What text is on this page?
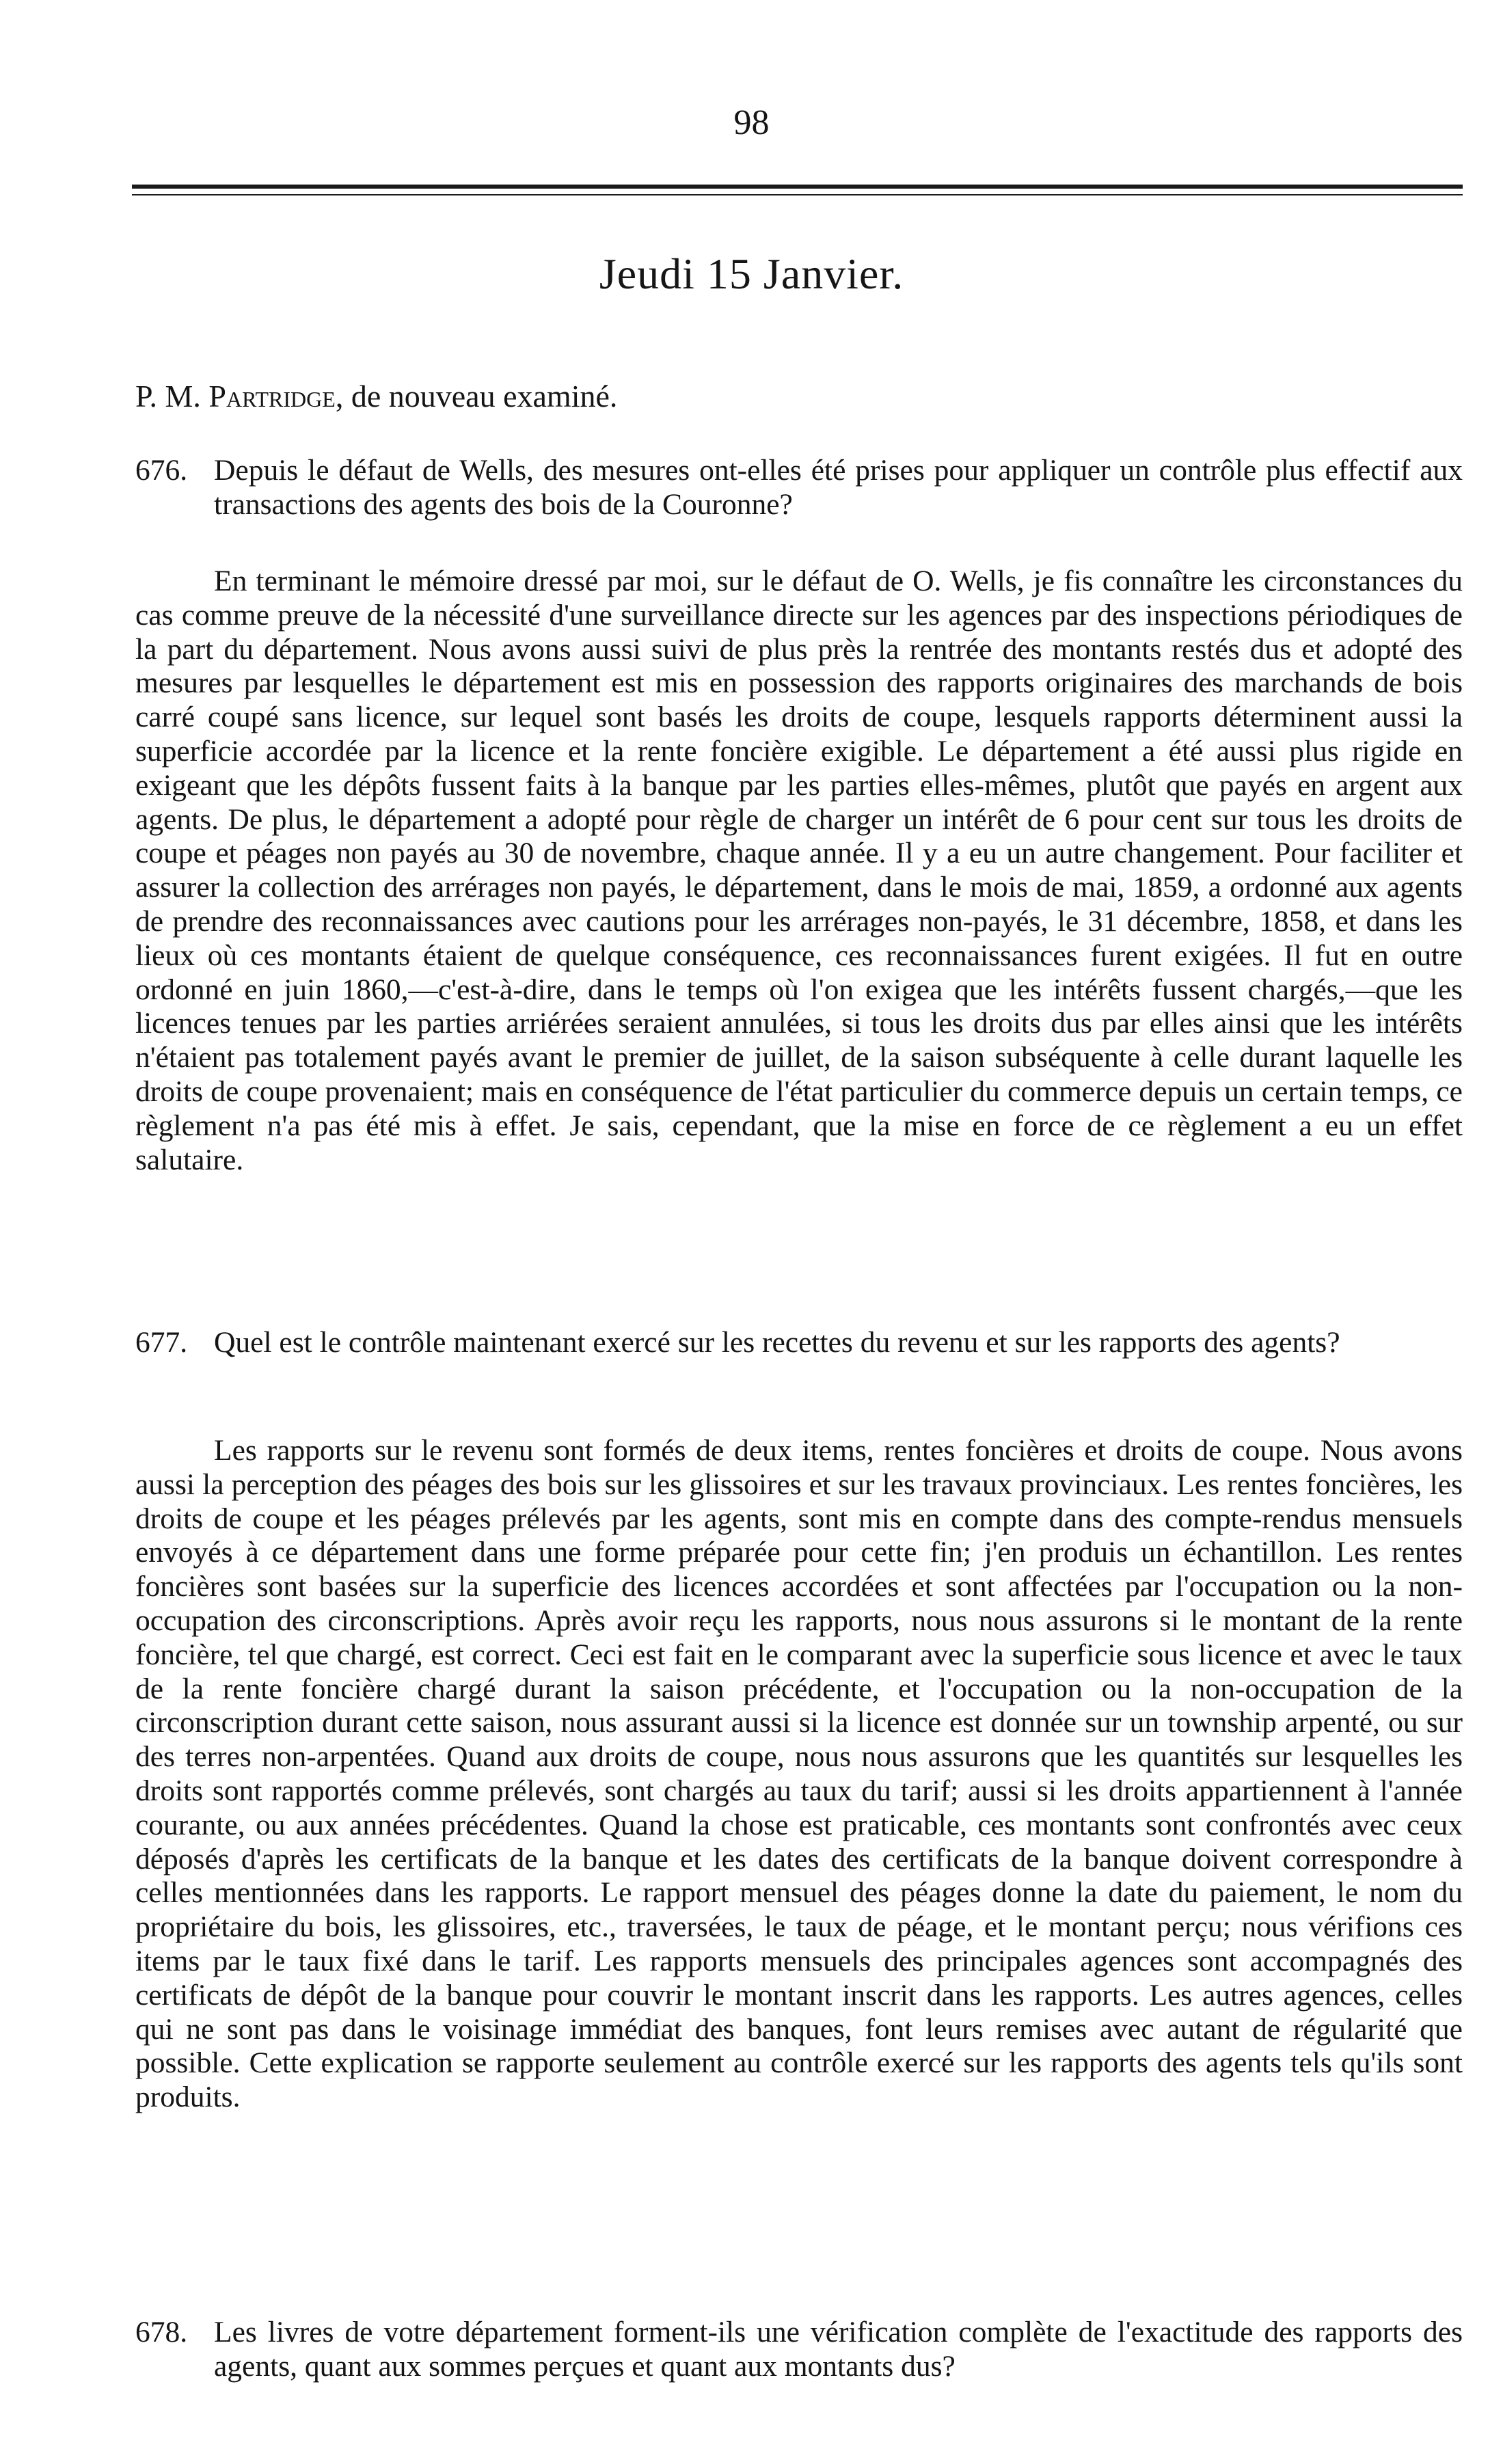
98
Jeudi 15 Janvier.
P. M. Partridge, de nouveau examiné.
676. Depuis le défaut de Wells, des mesures ont-elles été prises pour appliquer un contrôle plus effectif aux transactions des agents des bois de la Couronne?
En terminant le mémoire dressé par moi, sur le défaut de O. Wells, je fis connaître les circonstances du cas comme preuve de la nécessité d'une surveillance directe sur les agences par des inspections périodiques de la part du département. Nous avons aussi suivi de plus près la rentrée des montants restés dus et adopté des mesures par lesquelles le département est mis en possession des rapports originaires des marchands de bois carré coupé sans licence, sur lequel sont basés les droits de coupe, lesquels rapports déterminent aussi la superficie accordée par la licence et la rente foncière exigible. Le département a été aussi plus rigide en exigeant que les dépôts fussent faits à la banque par les parties elles-mêmes, plutôt que payés en argent aux agents. De plus, le département a adopté pour règle de charger un intérêt de 6 pour cent sur tous les droits de coupe et péages non payés au 30 de novembre, chaque année. Il y a eu un autre changement. Pour faciliter et assurer la collection des arrérages non payés, le département, dans le mois de mai, 1859, a ordonné aux agents de prendre des reconnaissances avec cautions pour les arrérages non-payés, le 31 décembre, 1858, et dans les lieux où ces montants étaient de quelque conséquence, ces reconnaissances furent exigées. Il fut en outre ordonné en juin 1860,—c'est-à-dire, dans le temps où l'on exigea que les intérêts fussent chargés,—que les licences tenues par les parties arriérées seraient annulées, si tous les droits dus par elles ainsi que les intérêts n'étaient pas totalement payés avant le premier de juillet, de la saison subséquente à celle durant laquelle les droits de coupe provenaient; mais en conséquence de l'état particulier du commerce depuis un certain temps, ce règlement n'a pas été mis à effet. Je sais, cependant, que la mise en force de ce règlement a eu un effet salutaire.
677. Quel est le contrôle maintenant exercé sur les recettes du revenu et sur les rapports des agents?
Les rapports sur le revenu sont formés de deux items, rentes foncières et droits de coupe. Nous avons aussi la perception des péages des bois sur les glissoires et sur les travaux provinciaux. Les rentes foncières, les droits de coupe et les péages prélevés par les agents, sont mis en compte dans des compte-rendus mensuels envoyés à ce département dans une forme préparée pour cette fin; j'en produis un échantillon. Les rentes foncières sont basées sur la superficie des licences accordées et sont affectées par l'occupation ou la non-occupation des circonscriptions. Après avoir reçu les rapports, nous nous assurons si le montant de la rente foncière, tel que chargé, est correct. Ceci est fait en le comparant avec la superficie sous licence et avec le taux de la rente foncière chargé durant la saison précédente, et l'occupation ou la non-occupation de la circonscription durant cette saison, nous assurant aussi si la licence est donnée sur un township arpenté, ou sur des terres non-arpentées. Quand aux droits de coupe, nous nous assurons que les quantités sur lesquelles les droits sont rapportés comme prélevés, sont chargés au taux du tarif; aussi si les droits appartiennent à l'année courante, ou aux années précédentes. Quand la chose est praticable, ces montants sont confrontés avec ceux déposés d'après les certificats de la banque et les dates des certificats de la banque doivent correspondre à celles mentionnées dans les rapports. Le rapport mensuel des péages donne la date du paiement, le nom du propriétaire du bois, les glissoires, etc., traversées, le taux de péage, et le montant perçu; nous vérifions ces items par le taux fixé dans le tarif. Les rapports mensuels des principales agences sont accompagnés des certificats de dépôt de la banque pour couvrir le montant inscrit dans les rapports. Les autres agences, celles qui ne sont pas dans le voisinage immédiat des banques, font leurs remises avec autant de régularité que possible. Cette explication se rapporte seulement au contrôle exercé sur les rapports des agents tels qu'ils sont produits.
678. Les livres de votre département forment-ils une vérification complète de l'exactitude des rapports des agents, quant aux sommes perçues et quant aux montants dus?
